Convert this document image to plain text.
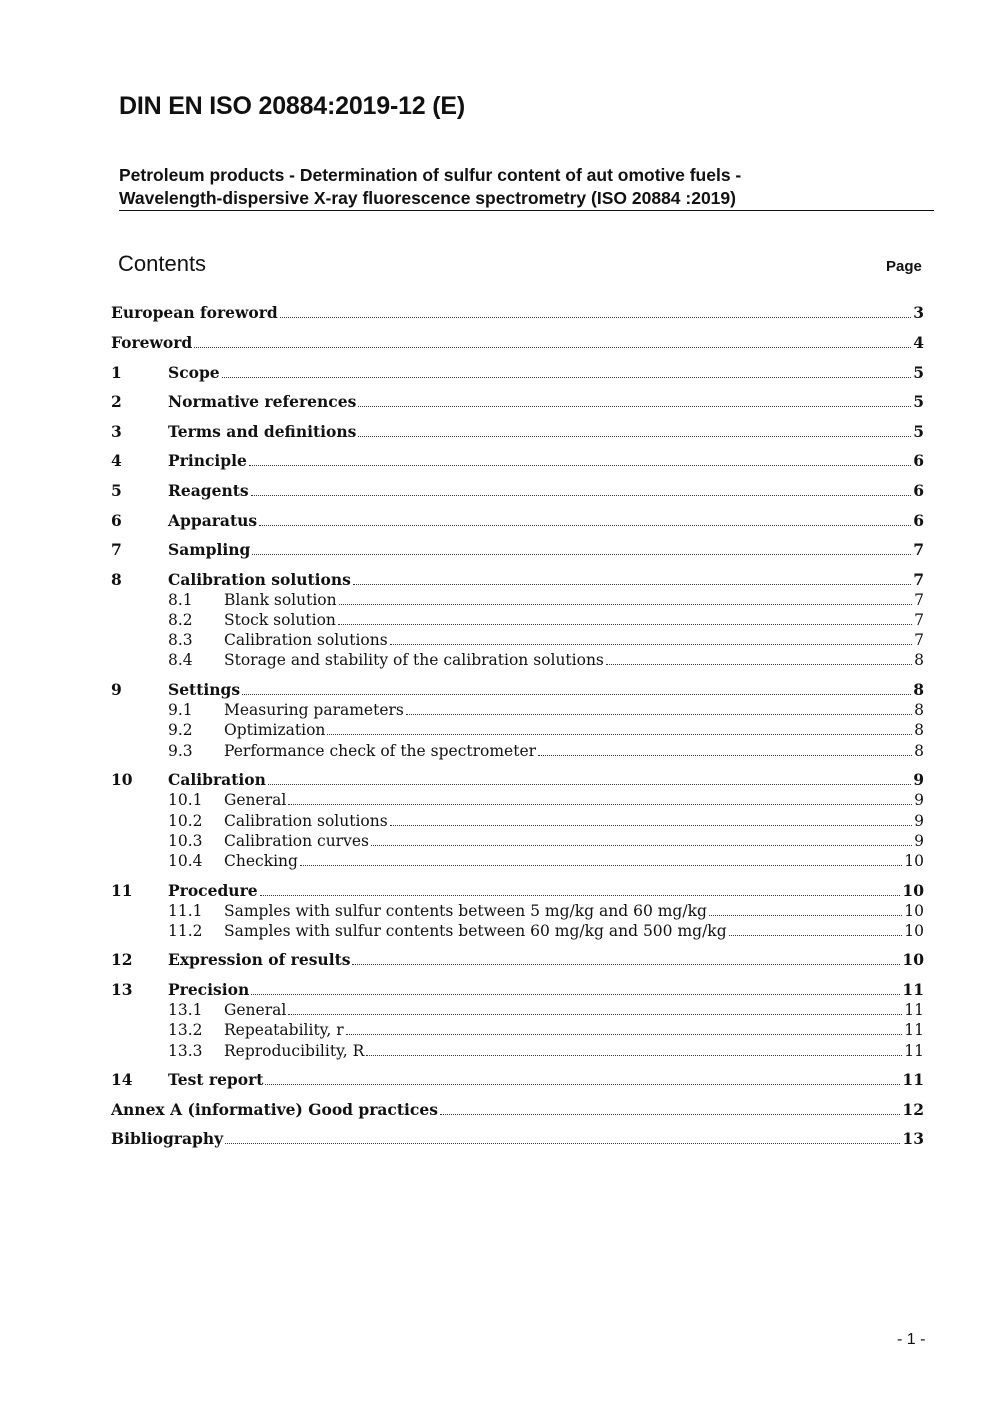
DIN EN ISO 20884:2019-12 (E)
Petroleum products - Determination of sulfur content of aut omotive fuels -
Wavelength-dispersive X-ray fluorescence spectrometry (ISO 20884 :2019)
Contents	Page
European foreword	3
Foreword	4
1	Scope	5
2	Normative references	5
3	Terms and definitions	5
4	Principle	6
5	Reagents	6
6	Apparatus	6
7	Sampling	7
8	Calibration solutions	7
8.1	Blank solution	7
8.2	Stock solution	7
8.3	Calibration solutions	7
8.4	Storage and stability of the calibration solutions	8
9	Settings	8
9.1	Measuring parameters	8
9.2	Optimization	8
9.3	Performance check of the spectrometer	8
10	Calibration	9
10.1	General	9
10.2	Calibration solutions	9
10.3	Calibration curves	9
10.4	Checking	10
11	Procedure	10
11.1	Samples with sulfur contents between 5 mg/kg and 60 mg/kg	10
11.2	Samples with sulfur contents between 60 mg/kg and 500 mg/kg	10
12	Expression of results	10
13	Precision	11
13.1	General	11
13.2	Repeatability, r	11
13.3	Reproducibility, R	11
14	Test report	11
Annex A (informative) Good practices	12
Bibliography	13
- 1 -
